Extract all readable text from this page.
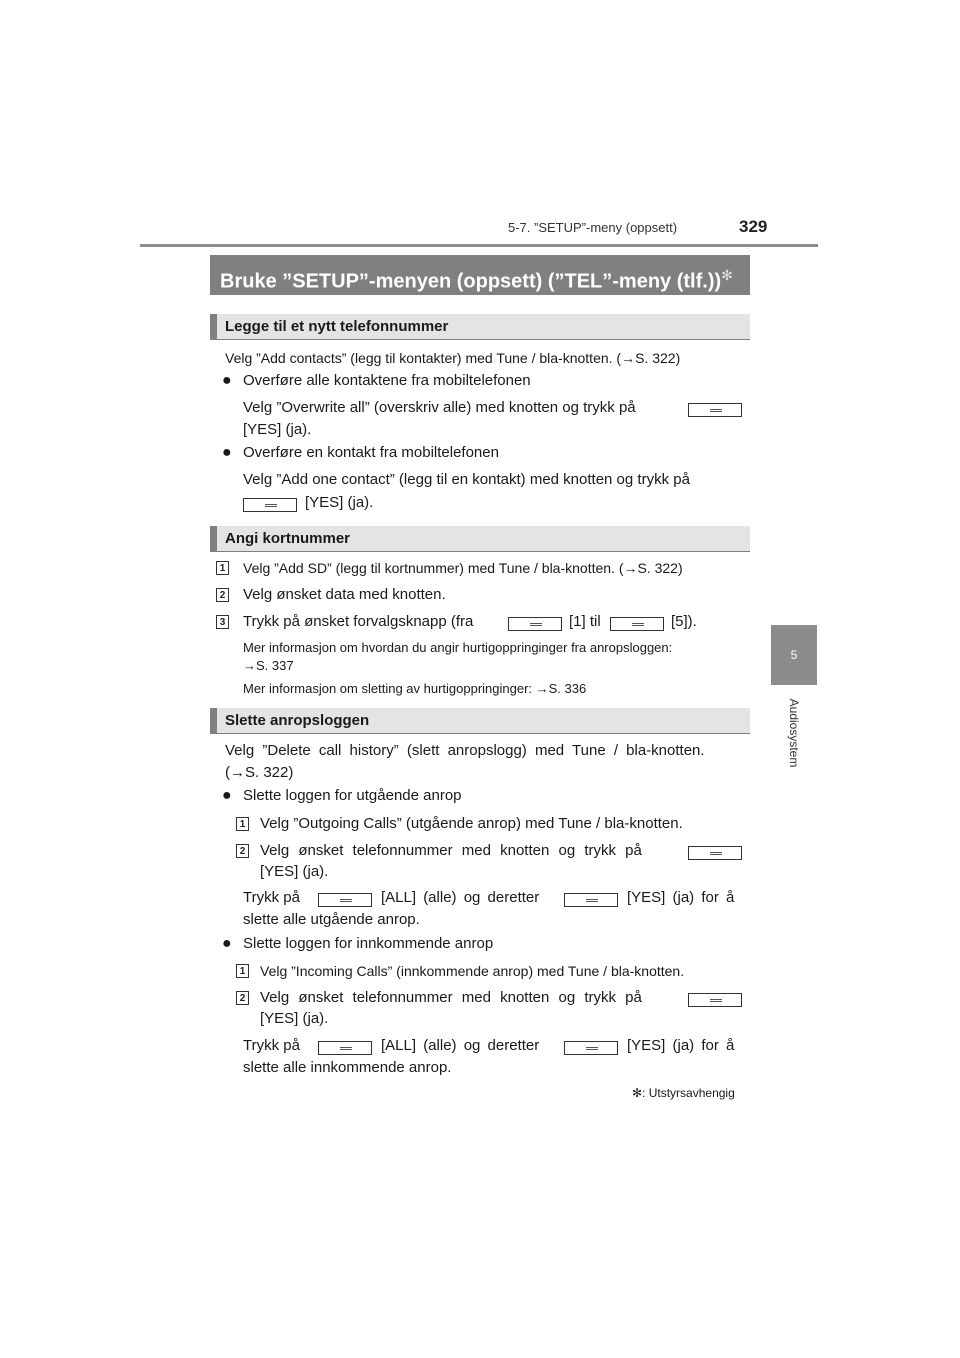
5-7. ”SETUP”-meny (oppsett)	329
5
Audiosystem
Bruke ”SETUP”-menyen (oppsett) (”TEL”-meny (tlf.))✻
Legge til et nytt telefonnummer
Velg ”Add contacts” (legg til kontakter) med Tune / bla-knotten. (→S. 322)
● Overføre alle kontaktene fra mobiltelefonen
Velg ”Overwrite all” (overskriv alle) med knotten og trykk på
[YES] (ja).
● Overføre en kontakt fra mobiltelefonen
Velg ”Add one contact” (legg til en kontakt) med knotten og trykk på
[YES] (ja).
Angi kortnummer
1 Velg ”Add SD” (legg til kortnummer) med Tune / bla-knotten. (→S. 322)
2 Velg ønsket data med knotten.
3 Trykk på ønsket forvalgsknapp (fra	[1] til	[5]).
Mer informasjon om hvordan du angir hurtigoppringinger fra anropsloggen:
→S. 337
Mer informasjon om sletting av hurtigoppringinger: →S. 336
Slette anropsloggen
Velg ”Delete call history” (slett anropslogg) med Tune / bla-knotten.
(→S. 322)
● Slette loggen for utgående anrop
1 Velg ”Outgoing Calls” (utgående anrop) med Tune / bla-knotten.
2 Velg ønsket telefonnummer med knotten og trykk på
[YES] (ja).
Trykk på	[ALL] (alle) og deretter	[YES] (ja) for å
slette alle utgående anrop.
● Slette loggen for innkommende anrop
1 Velg ”Incoming Calls” (innkommende anrop) med Tune / bla-knotten.
2 Velg ønsket telefonnummer med knotten og trykk på
[YES] (ja).
Trykk på	[ALL] (alle) og deretter	[YES] (ja) for å
slette alle innkommende anrop.
✻: Utstyrsavhengig
